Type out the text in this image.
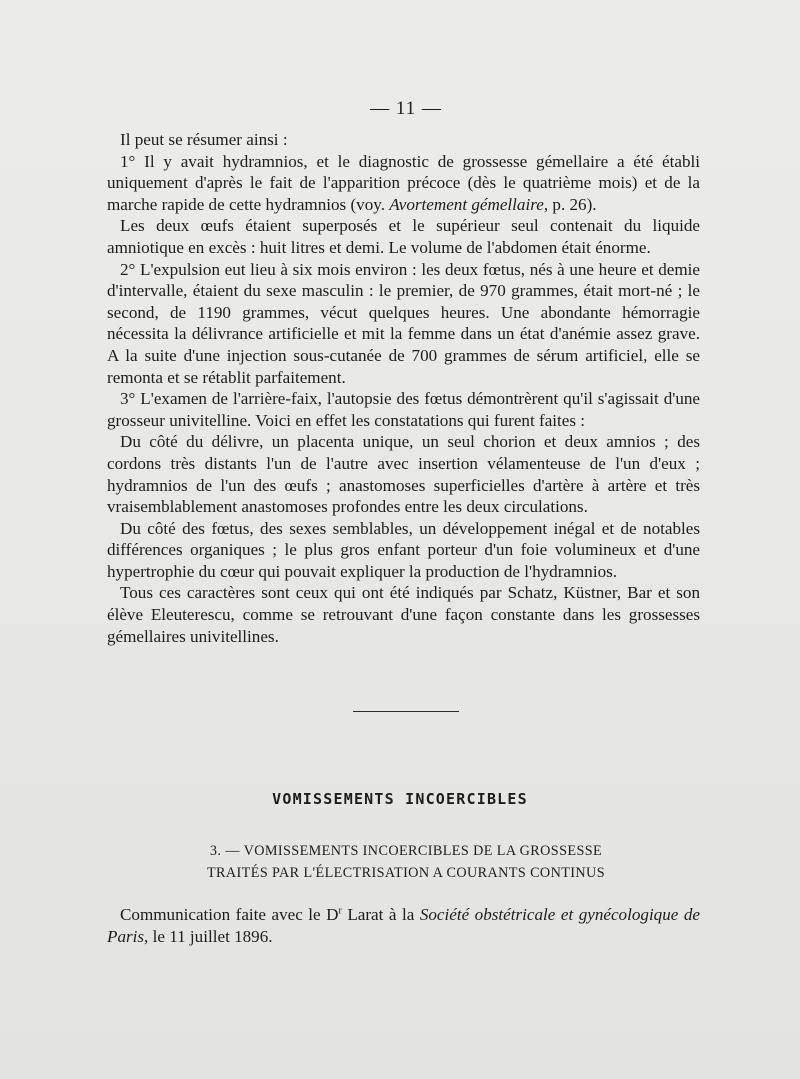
— 11 —

Il peut se résumer ainsi :

1° Il y avait hydramnios, et le diagnostic de grossesse gémellaire a été établi uniquement d'après le fait de l'apparition précoce (dès le quatrième mois) et de la marche rapide de cette hydramnios (voy. Avortement gémellaire, p. 26).

Les deux œufs étaient superposés et le supérieur seul contenait du liquide amniotique en excès : huit litres et demi. Le volume de l'abdomen était énorme.

2° L'expulsion eut lieu à six mois environ : les deux fœtus, nés à une heure et demie d'intervalle, étaient du sexe masculin : le premier, de 970 grammes, était mort-né ; le second, de 1190 grammes, vécut quelques heures. Une abondante hémorragie nécessita la délivrance artificielle et mit la femme dans un état d'anémie assez grave. A la suite d'une injection sous-cutanée de 700 grammes de sérum artificiel, elle se remonta et se rétablit parfaitement.

3° L'examen de l'arrière-faix, l'autopsie des fœtus démontrèrent qu'il s'agissait d'une grosseur univitelline. Voici en effet les constatations qui furent faites :

Du côté du délivre, un placenta unique, un seul chorion et deux amnios ; des cordons très distants l'un de l'autre avec insertion vélamenteuse de l'un d'eux ; hydramnios de l'un des œufs ; anastomoses superficielles d'artère à artère et très vraisemblablement anastomoses profondes entre les deux circulations.

Du côté des fœtus, des sexes semblables, un développement inégal et de notables différences organiques ; le plus gros enfant porteur d'un foie volumineux et d'une hypertrophie du cœur qui pouvait expliquer la production de l'hydramnios.

Tous ces caractères sont ceux qui ont été indiqués par Schatz, Küstner, Bar et son élève Eleuterescu, comme se retrouvant d'une façon constante dans les grossesses gémellaires univitellines.

VOMISSEMENTS INCOERCIBLES
3. — VOMISSEMENTS INCOERCIBLES DE LA GROSSESSE
TRAITÉS PAR L'ÉLECTRISATION A COURANTS CONTINUS

Communication faite avec le $D^r$ Larat à la Société obstétricale et gynécologique de Paris, le 11 juillet 1896.
